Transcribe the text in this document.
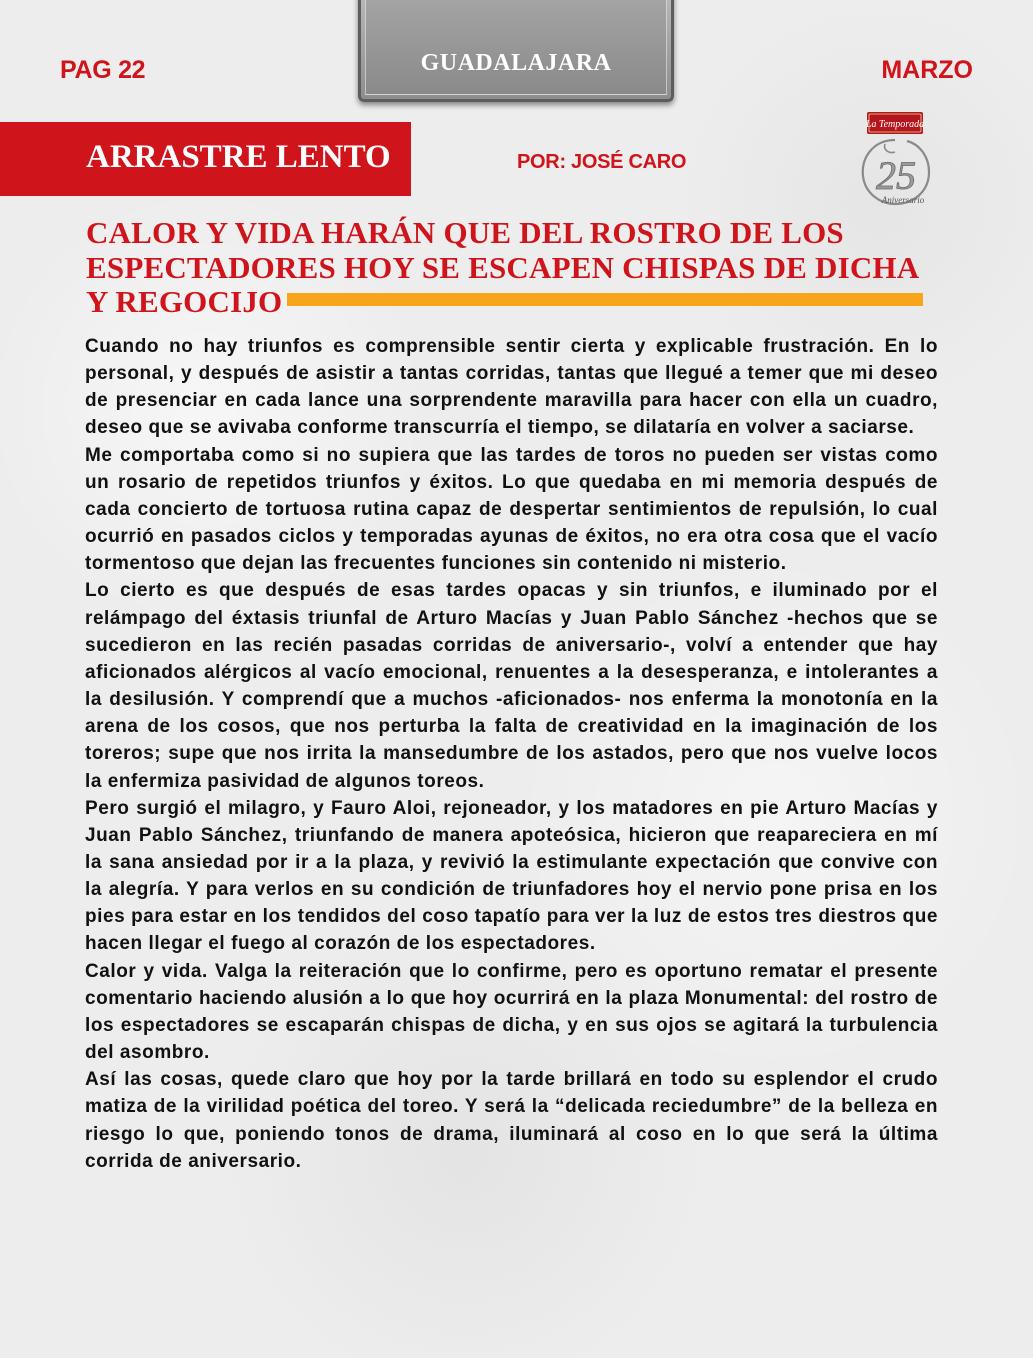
PAG 22	GUADALAJARA	MARZO

ARRASTRE LENTO	POR: JOSÉ CARO

La Temporada
25
Aniversario
CALOR Y VIDA HARÁN QUE DEL ROSTRO DE LOS ESPECTADORES HOY SE ESCAPEN CHISPAS DE DICHA Y REGOCIJO

Cuando no hay triunfos es comprensible sentir cierta y explicable frustración. En lo personal, y después de asistir a tantas corridas, tantas que llegué a temer que mi deseo de presenciar en cada lance una sorprendente maravilla para hacer con ella un cuadro, deseo que se avivaba conforme transcurría el tiempo, se dilataría en volver a saciarse.

Me comportaba como si no supiera que las tardes de toros no pueden ser vistas como un rosario de repetidos triunfos y éxitos. Lo que quedaba en mi memoria después de cada concierto de tortuosa rutina capaz de despertar sentimientos de repulsión, lo cual ocurrió en pasados ciclos y temporadas ayunas de éxitos, no era otra cosa que el vacío tormentoso que dejan las frecuentes funciones sin contenido ni misterio.

Lo cierto es que después de esas tardes opacas y sin triunfos, e iluminado por el relámpago del éxtasis triunfal de Arturo Macías y Juan Pablo Sánchez -hechos que se sucedieron en las recién pasadas corridas de aniversario-, volví a entender que hay aficionados alérgicos al vacío emocional, renuentes a la desesperanza, e intolerantes a la desilusión. Y comprendí que a muchos -aficionados- nos enferma la monotonía en la arena de los cosos, que nos perturba la falta de creatividad en la imaginación de los toreros; supe que nos irrita la mansedumbre de los astados, pero que nos vuelve locos la enfermiza pasividad de algunos toreos.

Pero surgió el milagro, y Fauro Aloi, rejoneador, y los matadores en pie Arturo Macías y Juan Pablo Sánchez, triunfando de manera apoteósica, hicieron que reapareciera en mí la sana ansiedad por ir a la plaza, y revivió la estimulante expectación que convive con la alegría. Y para verlos en su condición de triunfadores hoy el nervio pone prisa en los pies para estar en los tendidos del coso tapatío para ver la luz de estos tres diestros que hacen llegar el fuego al corazón de los espectadores.

Calor y vida. Valga la reiteración que lo confirme, pero es oportuno rematar el presente comentario haciendo alusión a lo que hoy ocurrirá en la plaza Monumental: del rostro de los espectadores se escaparán chispas de dicha, y en sus ojos se agitará la turbulencia del asombro.

Así las cosas, quede claro que hoy por la tarde brillará en todo su esplendor el crudo matiza de la virilidad poética del toreo. Y será la “delicada reciedumbre” de la belleza en riesgo lo que, poniendo tonos de drama, iluminará al coso en lo que será la última corrida de aniversario.
